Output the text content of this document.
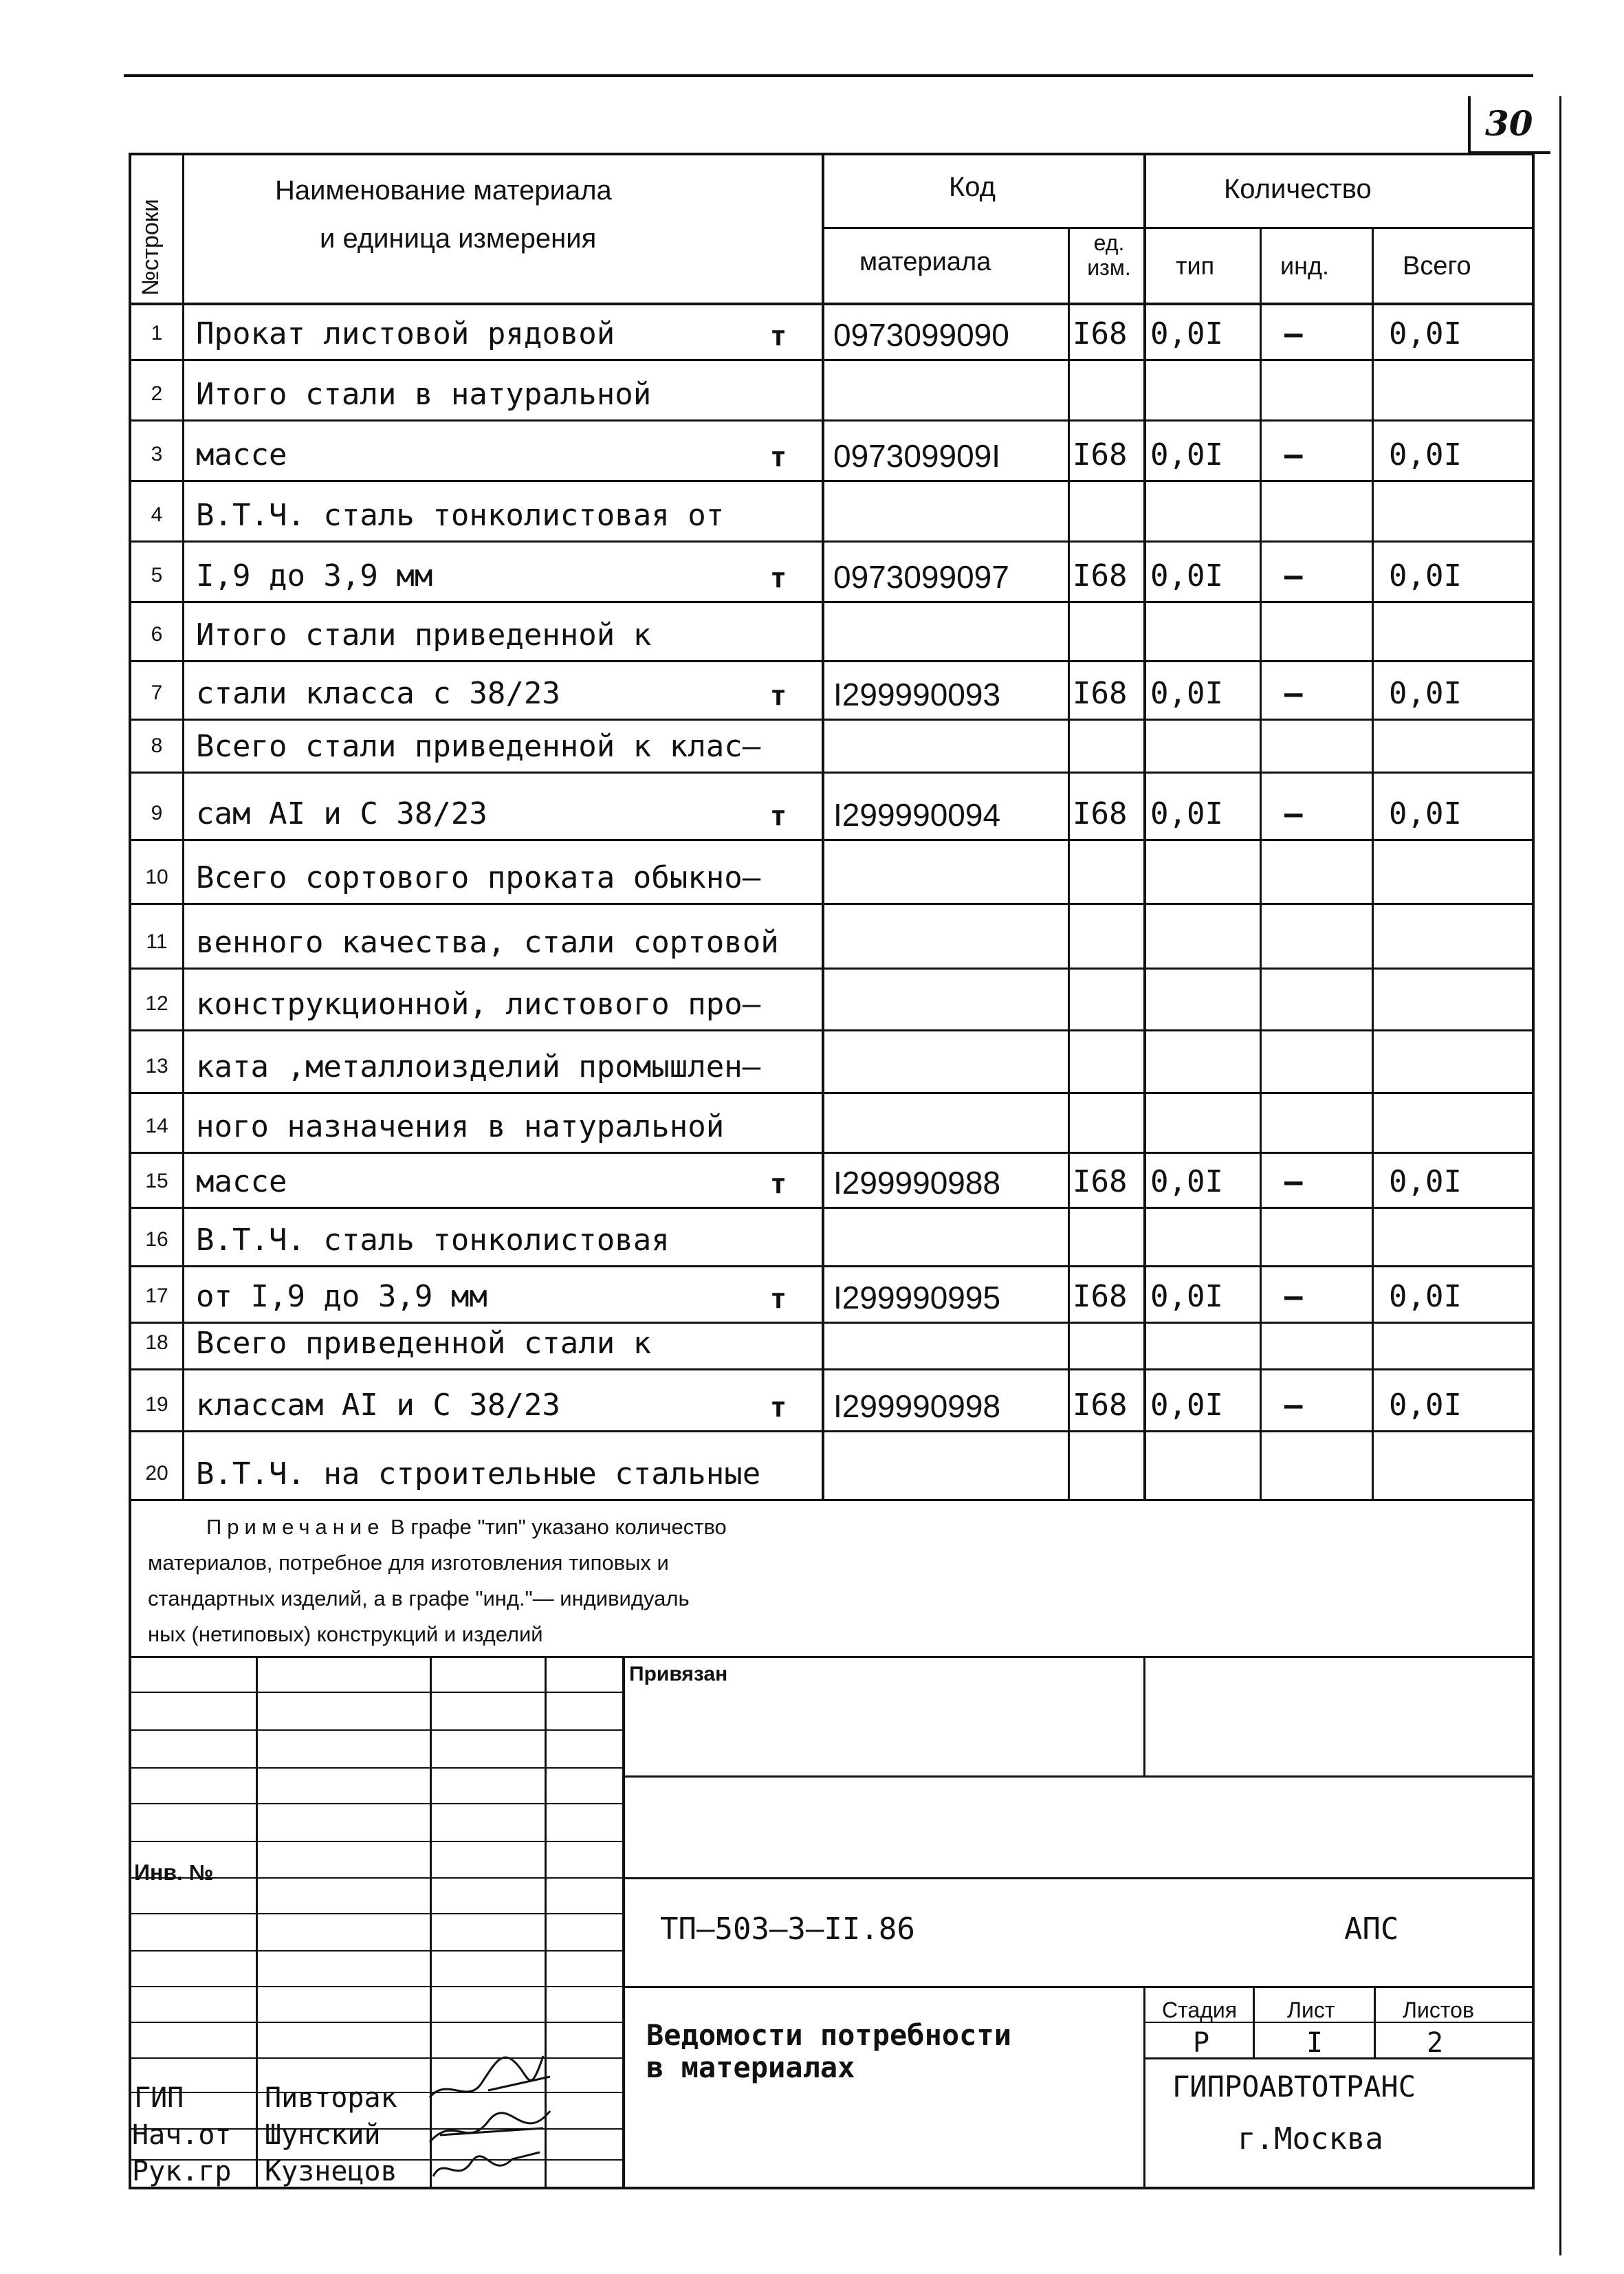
30
№строки
Наименование материала
и единица измерения
Код
материала
ед. изм.
Количество
тип	инд.	Всего
1	Прокат листовой рядовой	т 0973099090 I68 0,0I –	0,0I
2	Итого стали в натуральной
3	массе	т 097309909I I68 0,0I –	0,0I
4	В.Т.Ч. сталь тонколистовая от
5	I,9 до 3,9 мм	т 0973099097 I68 0,0I –	0,0I
6	Итого стали приведенной к
7	стали класса с 38/23	т I299990093 I68 0,0I –	0,0I
8	Всего стали приведенной к клас–
9	сам AI и С 38/23	т I299990094 I68 0,0I –	0,0I
10 Всего сортового проката обыкно–
11 венного качества, стали сортовой
12 конструкционной, листового про–
13 ката ,металлоизделий промышлен–
14 ного назначения в натуральной
15 массе	т I299990988 I68 0,0I –	0,0I
16 В.Т.Ч. сталь тонколистовая
17 от I,9 до 3,9 мм	т I299990995 I68 0,0I –	0,0I
18 Всего приведенной стали к
19 классам AI и С 38/23	т I299990998 I68 0,0I –	0,0I
20 В.Т.Ч. на строительные стальные
Примечание В графе "тип" указано количество
материалов, потребное для изготовления типовых и
стандартных изделий, а в графе "инд."— индивидуаль
ных (нетиповых) конструкций и изделий
Привязан
Инв. №
ТП–503–3–II.86	АПС
Ведомости потребности
в материалах
Стадия Лист	Листов
Р	I	2
ГИПРОАВТОТРАНС
г.Москва
ГИП	Пивторак
Нач.от Шунский
Рук.гр Кузнецов
